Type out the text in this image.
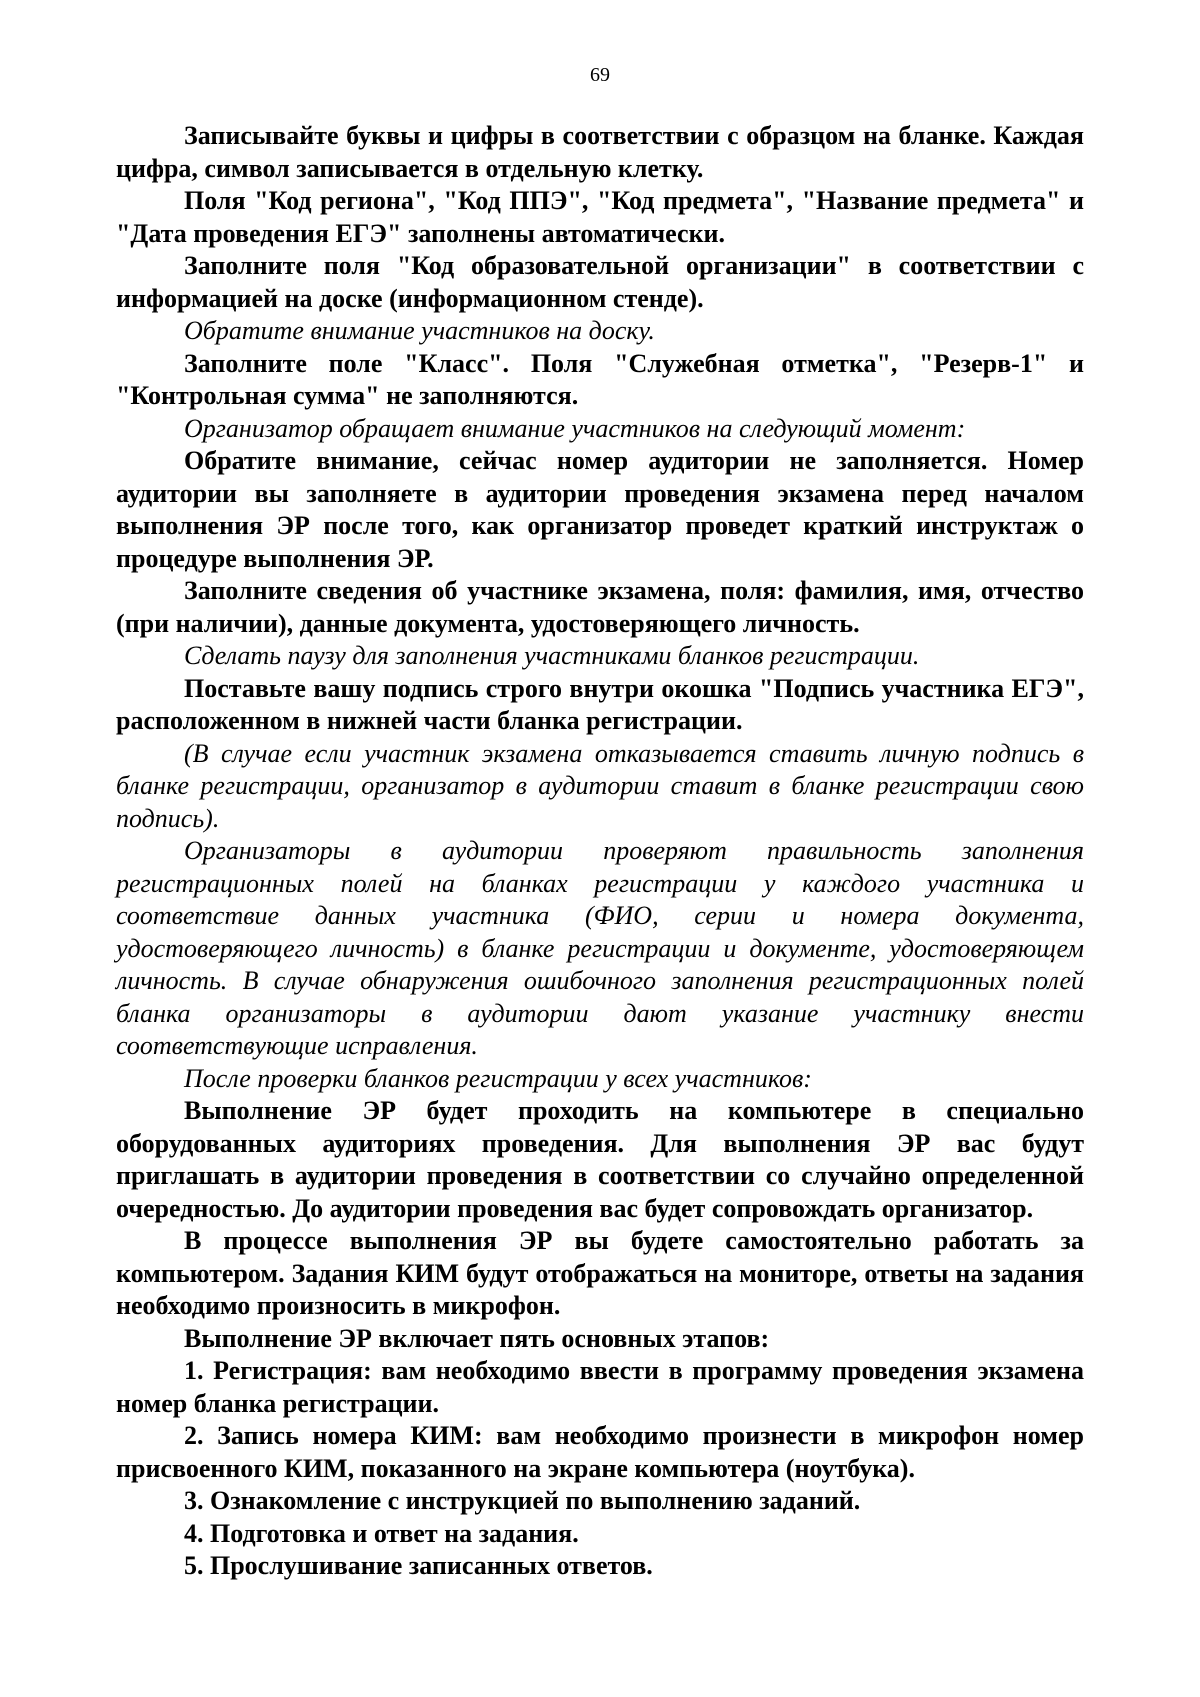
69

Записывайте буквы и цифры в соответствии с образцом на бланке. Каждая цифра, символ записывается в отдельную клетку.

Поля "Код региона", "Код ППЭ", "Код предмета", "Название предмета" и "Дата проведения ЕГЭ" заполнены автоматически.

Заполните поля "Код образовательной организации" в соответствии с информацией на доске (информационном стенде).

Обратите внимание участников на доску.

Заполните поле "Класс". Поля "Служебная отметка", "Резерв-1" и "Контрольная сумма" не заполняются.

Организатор обращает внимание участников на следующий момент:

Обратите внимание, сейчас номер аудитории не заполняется. Номер аудитории вы заполняете в аудитории проведения экзамена перед началом выполнения ЭР после того, как организатор проведет краткий инструктаж о процедуре выполнения ЭР.

Заполните сведения об участнике экзамена, поля: фамилия, имя, отчество (при наличии), данные документа, удостоверяющего личность.

Сделать паузу для заполнения участниками бланков регистрации.

Поставьте вашу подпись строго внутри окошка "Подпись участника ЕГЭ", расположенном в нижней части бланка регистрации.

(В случае если участник экзамена отказывается ставить личную подпись в бланке регистрации, организатор в аудитории ставит в бланке регистрации свою подпись).

Организаторы в аудитории проверяют правильность заполнения регистрационных полей на бланках регистрации у каждого участника и соответствие данных участника (ФИО, серии и номера документа, удостоверяющего личность) в бланке регистрации и документе, удостоверяющем личность. В случае обнаружения ошибочного заполнения регистрационных полей бланка организаторы в аудитории дают указание участнику внести соответствующие исправления.

После проверки бланков регистрации у всех участников:

Выполнение ЭР будет проходить на компьютере в специально оборудованных аудиториях проведения. Для выполнения ЭР вас будут приглашать в аудитории проведения в соответствии со случайно определенной очередностью. До аудитории проведения вас будет сопровождать организатор.

В процессе выполнения ЭР вы будете самостоятельно работать за компьютером. Задания КИМ будут отображаться на мониторе, ответы на задания необходимо произносить в микрофон.

Выполнение ЭР включает пять основных этапов:

1. Регистрация: вам необходимо ввести в программу проведения экзамена номер бланка регистрации.

2. Запись номера КИМ: вам необходимо произнести в микрофон номер присвоенного КИМ, показанного на экране компьютера (ноутбука).

3. Ознакомление с инструкцией по выполнению заданий.

4. Подготовка и ответ на задания.

5. Прослушивание записанных ответов.
